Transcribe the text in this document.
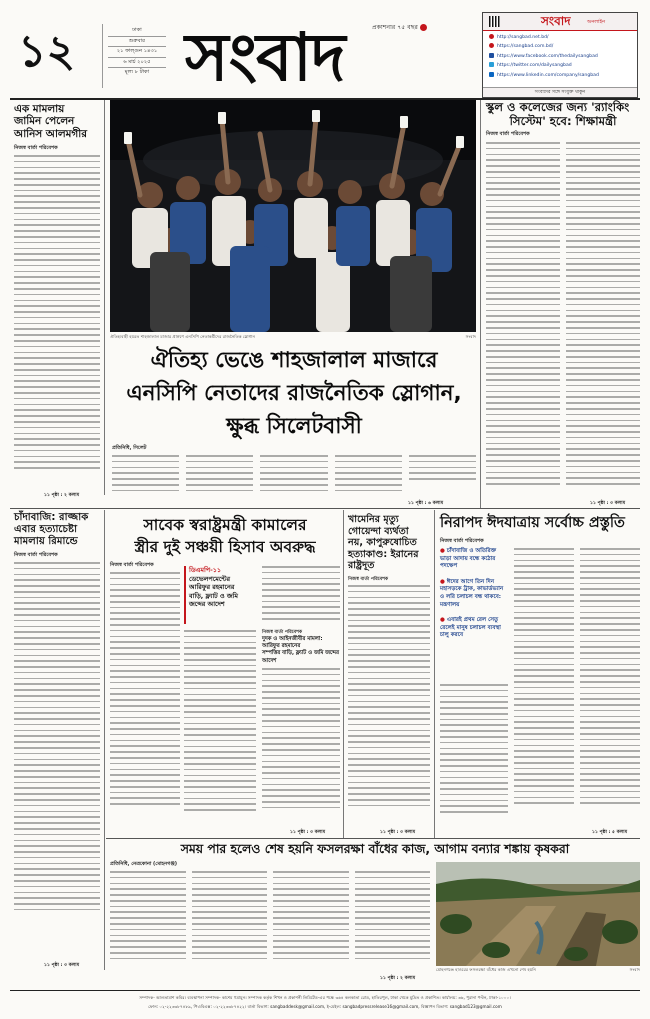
১২	ঢাকা
শুক্রবার
২১ ফাল্গুন ১৪৩১
৬ মার্চ ২০২৫
মূল্য ৮ টাকা
প্রকাশনার ৭৫ বছর
সংবাদ	সংবাদ	অনলাইন
http://sangbad.net.bd/
https://sangbad.com.bd/
https://www.facebook.com/thedailysangbad
https://twitter.com/dailysangbad
https://www.linkedin.com/company/sangbad
সংবাদের সঙ্গে সংযুক্ত থাকুন
এক মামলায়
জামিন পেলেন
আনিস আলমগীর
নিজস্ব বার্তা পরিবেশক
১১ পৃষ্ঠা : ২ কলাম
ঐতিহ্যবাহী হযরত শাহজালাল মাজার প্রাঙ্গণে এনসিপি নেতাকর্মীদের রাজনৈতিক স্লোগান	সংবাদ
ঐতিহ্য ভেঙে শাহজালাল মাজারে
এনসিপি নেতাদের রাজনৈতিক স্লোগান,
ক্ষুব্ধ সিলেটবাসী
প্রতিনিধি, সিলেট
১১ পৃষ্ঠা : ৬ কলাম
স্কুল ও কলেজের জন্য 'র‍্যাংকিং
সিস্টেম' হবে: শিক্ষামন্ত্রী
নিজস্ব বার্তা পরিবেশক
১১ পৃষ্ঠা : ৩ কলাম
চাঁদাবাজি: রাজ্জাক
এবার হত্যাচেষ্টা
মামলায় রিমান্ডে
নিজস্ব বার্তা পরিবেশক
১১ পৃষ্ঠা : ৩ কলাম
সাবেক স্বরাষ্ট্রমন্ত্রী কামালের
স্ত্রীর দুই সঞ্চয়ী হিসাব অবরুদ্ধ
নিজস্ব বার্তা পরিবেশক
ডিএমপি-১১
ডেভেলপমেন্টের
আরিফুর রহমানের
বাড়ি, ফ্ল্যাট ও জমি
জব্দের আদেশ
নিজস্ব বার্তা পরিবেশক
দুদক ও আইনজীবীর মামলা: আরিফুর রহমানের
সম্পত্তির বাড়ি, ফ্ল্যাট ও জমি জব্দের আদেশ
১১ পৃষ্ঠা : ৩ কলাম
খামেনির মৃত্যু
গোয়েন্দা ব্যর্থতা
নয়, কাপুরুষোচিত
হত্যাকাণ্ড: ইরানের
রাষ্ট্রদূত
নিজস্ব বার্তা পরিবেশক
১১ পৃষ্ঠা : ৩ কলাম
নিরাপদ ঈদযাত্রায় সর্বোচ্চ প্রস্তুতি
নিজস্ব বার্তা পরিবেশক
● চাঁদাবাজি ও অতিরিক্ত ভাড়া আদায় বন্ধে কঠোর পদক্ষেপ
● ঈদের আগে তিন দিন মহাসড়কে ট্রাক, কাভার্ডভ্যান ও লরি চলাচল বন্ধ থাকবে: মন্ত্রণালয়
● এবারই প্রথম রেল সেতু রেলেই মানুষ চলাচল ব্যবস্থা চালু করবে
১১ পৃষ্ঠা : ৫ কলাম
সময় পার হলেও শেষ হয়নি ফসলরক্ষা বাঁধের কাজ, আগাম বন্যার শঙ্কায় কৃষকরা
প্রতিনিধি, নেত্রকোনা (মোহনগঞ্জ)
১১ পৃষ্ঠা : ২ কলাম
মোহনগঞ্জে হাওরের ফসলরক্ষা বাঁধের কাজ এখনো শেষ হয়নি	সংবাদ
সম্পাদক- আলতামাশ কবির। ব্যবস্থাপনা সম্পাদক- কাশেম হুমায়ুন। সম্পাদক কর্তৃক শিখন ও প্রকাশনী লিমিটেড-এর পক্ষে ৩৬৪ কলকাতা রোড, হাতিরপুল, ঢাকা থেকে মুদ্রিত ও প্রকাশিত। কার্যালয়: ৩৬, পুরানা পল্টন, ঢাকা-১০০০।
ফোন: ০২-২২৩৩৮৭৪৮৯, পিএবিএক্স: ০২-২২৩৩৮৭৪২২। বার্তা বিভাগ: sangbaddesk@gmail.com, ই-মেইল: sangbadpressrelease16@gmail.com, বিজ্ঞাপন বিভাগ: sangbad123@gmail.com
